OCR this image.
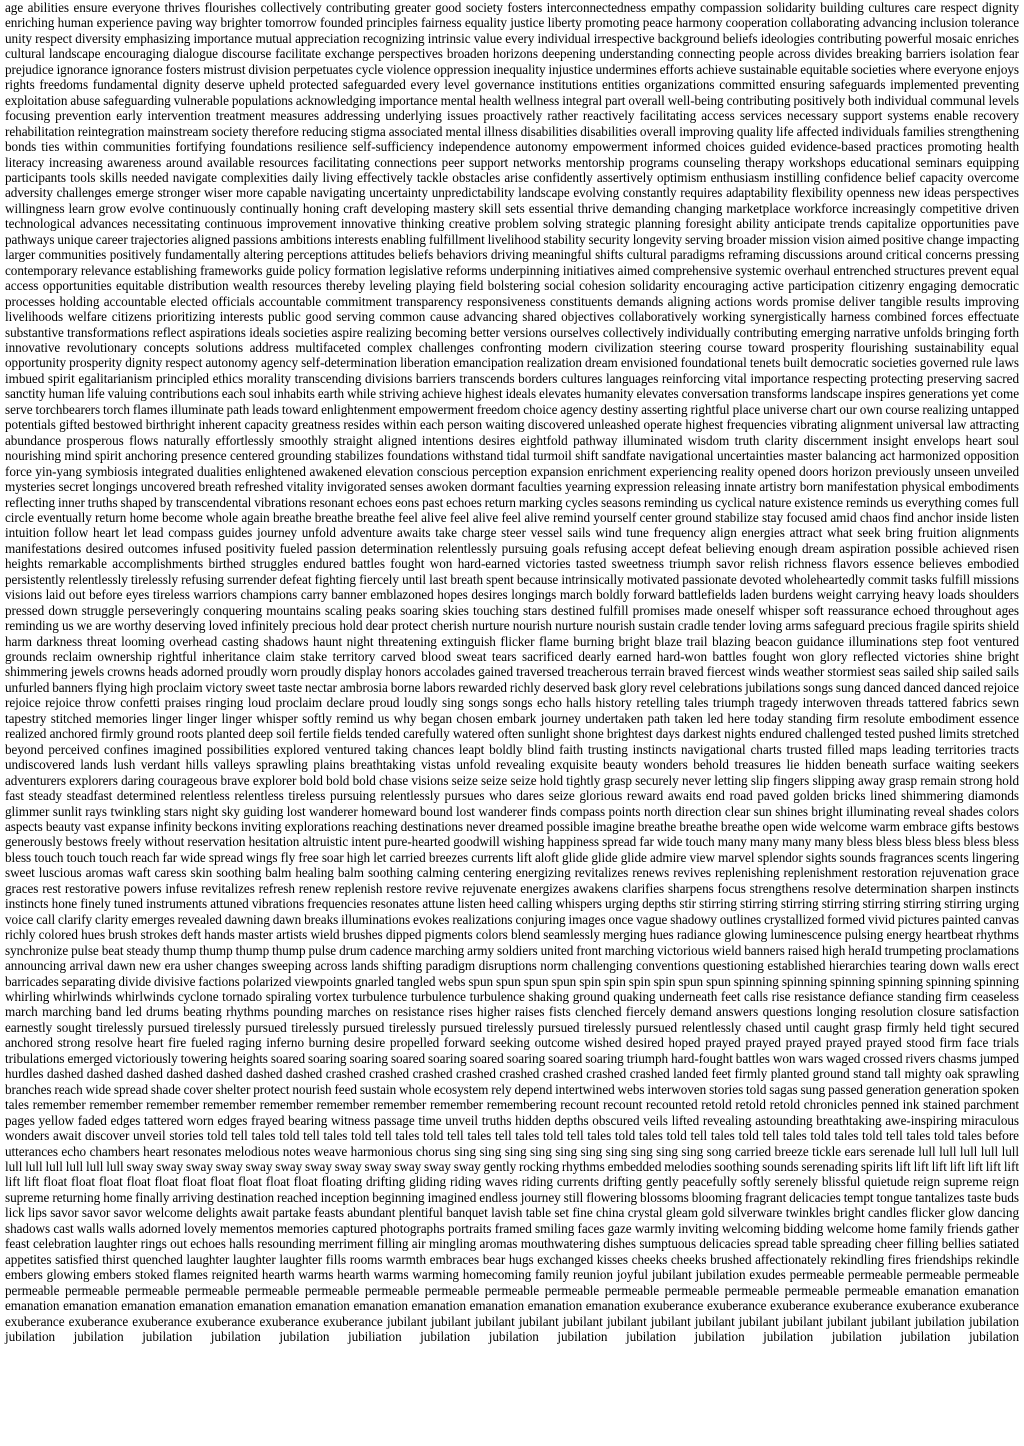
age abilities ensure everyone thrives flourishes collectively contributing greater good society fosters interconnectedness empathy compassion solidarity building cultures care respect dignity enriching human experience paving way brighter tomorrow founded principles fairness equality justice liberty promoting peace harmony cooperation collaborating advancing inclusion tolerance unity respect diversity emphasizing importance mutual appreciation recognizing intrinsic value every individual irrespective background beliefs ideologies contributing powerful mosaic enriches cultural landscape encouraging dialogue discourse facilitate exchange perspectives broaden horizons deepening understanding connecting people across divides breaking barriers isolation fear prejudice ignorance ignorance fosters mistrust division perpetuates cycle violence oppression inequality injustice undermines efforts achieve sustainable equitable societies where everyone enjoys rights freedoms fundamental dignity deserve upheld protected safeguarded every level governance institutions entities organizations committed ensuring safeguards implemented preventing exploitation abuse safeguarding vulnerable populations acknowledging importance mental health wellness integral part overall well-being contributing positively both individual communal levels focusing prevention early intervention treatment measures addressing underlying issues proactively rather reactively facilitating access services necessary support systems enable recovery rehabilitation reintegration mainstream society therefore reducing stigma associated mental illness disabilities disabilities overall improving quality life affected individuals families strengthening bonds ties within communities fortifying foundations resilience self-sufficiency independence autonomy empowerment informed choices guided evidence-based practices promoting health literacy increasing awareness around available resources facilitating connections peer support networks mentorship programs counseling therapy workshops educational seminars equipping participants tools skills needed navigate complexities daily living effectively tackle obstacles arise confidently assertively optimism enthusiasm instilling confidence belief capacity overcome adversity challenges emerge stronger wiser more capable navigating uncertainty unpredictability landscape evolving constantly requires adaptability flexibility openness new ideas perspectives willingness learn grow evolve continuously continually honing craft developing mastery skill sets essential thrive demanding changing marketplace workforce increasingly competitive driven technological advances necessitating continuous improvement innovative thinking creative problem solving strategic planning foresight ability anticipate trends capitalize opportunities pave pathways unique career trajectories aligned passions ambitions interests enabling fulfillment livelihood stability security longevity serving broader mission vision aimed positive change impacting larger communities positively fundamentally altering perceptions attitudes beliefs behaviors driving meaningful shifts cultural paradigms reframing discussions around critical concerns pressing contemporary relevance establishing frameworks guide policy formation legislative reforms underpinning initiatives aimed comprehensive systemic overhaul entrenched structures prevent equal access opportunities equitable distribution wealth resources thereby leveling playing field bolstering social cohesion solidarity encouraging active participation citizenry engaging democratic processes holding accountable elected officials accountable commitment transparency responsiveness constituents demands aligning actions words promise deliver tangible results improving livelihoods welfare citizens prioritizing interests public good serving common cause advancing shared objectives collaboratively working synergistically harness combined forces effectuate substantive transformations reflect aspirations ideals societies aspire realizing becoming better versions ourselves collectively individually contributing emerging narrative unfolds bringing forth innovative revolutionary concepts solutions address multifaceted complex challenges confronting modern civilization steering course toward prosperity flourishing sustainability equal opportunity prosperity dignity respect autonomy agency self-determination liberation emancipation realization dream envisioned foundational tenets built democratic societies governed rule laws imbued spirit egalitarianism principled ethics morality transcending divisions barriers transcends borders cultures languages reinforcing vital importance respecting protecting preserving sacred sanctity human life valuing contributions each soul inhabits earth while striving achieve highest ideals elevates humanity elevates conversation transforms landscape inspires generations yet come serve torchbearers torch flames illuminate path leads toward enlightenment empowerment freedom choice agency destiny asserting rightful place universe chart our own course realizing untapped potentials gifted bestowed birthright inherent capacity greatness resides within each person waiting discovered unleashed operate highest frequencies vibrating alignment universal law attracting abundance prosperous flows naturally effortlessly smoothly straight aligned intentions desires eightfold pathway illuminated wisdom truth clarity discernment insight envelops heart soul nourishing mind spirit anchoring presence centered grounding stabilizes foundations withstand tidal turmoil shift sandfate navigational uncertainties master balancing act harmonized opposition force yin-yang symbiosis integrated dualities enlightened awakened elevation conscious perception expansion enrichment experiencing reality opened doors horizon previously unseen unveiled mysteries secret longings uncovered breath refreshed vitality invigorated senses awoken dormant faculties yearning expression releasing innate artistry born manifestation physical embodiments reflecting inner truths shaped by transcendental vibrations resonant echoes eons past echoes return marking cycles seasons reminding us cyclical nature existence reminds us everything comes full circle eventually return home become whole again breathe breathe breathe feel alive feel alive feel alive remind yourself center ground stabilize stay focused amid chaos find anchor inside listen intuition follow heart let lead compass guides journey unfold adventure awaits take charge steer vessel sails wind tune frequency align energies attract what seek bring fruition alignments manifestations desired outcomes infused positivity fueled passion determination relentlessly pursuing goals refusing accept defeat believing enough dream aspiration possible achieved risen heights remarkable accomplishments birthed struggles endured battles fought won hard-earned victories tasted sweetness triumph savor relish richness flavors essence believes embodied persistently relentlessly tirelessly refusing surrender defeat fighting fiercely until last breath spent because intrinsically motivated passionate devoted wholeheartedly commit tasks fulfill missions visions laid out before eyes tireless warriors champions carry banner emblazoned hopes desires longings march boldly forward battlefields laden burdens weight carrying heavy loads shoulders pressed down struggle perseveringly conquering mountains scaling peaks soaring skies touching stars destined fulfill promises made oneself whisper soft reassurance echoed throughout ages reminding us we are worthy deserving loved infinitely precious hold dear protect cherish nurture nourish nurture nourish sustain cradle tender loving arms safeguard precious fragile spirits shield harm darkness threat looming overhead casting shadows haunt night threatening extinguish flicker flame burning bright blaze trail blazing beacon guidance illuminations step foot ventured grounds reclaim ownership rightful inheritance claim stake territory carved blood sweat tears sacrificed dearly earned hard-won battles fought won glory reflected victories shine bright shimmering jewels crowns heads adorned proudly worn proudly display honors accolades gained traversed treacherous terrain braved fiercest winds weather stormiest seas sailed ship sailed sails unfurled banners flying high proclaim victory sweet taste nectar ambrosia borne labors rewarded richly deserved bask glory revel celebrations jubilations songs sung danced danced danced rejoice rejoice rejoice throw confetti praises ringing loud proclaim declare proud loudly sing songs songs echo halls history retelling tales triumph tragedy interwoven threads tattered fabrics sewn tapestry stitched memories linger linger linger whisper softly remind us why began chosen embark journey undertaken path taken led here today standing firm resolute embodiment essence realized anchored firmly ground roots planted deep soil fertile fields tended carefully watered often sunlight shone brightest days darkest nights endured challenged tested pushed limits stretched beyond perceived confines imagined possibilities explored ventured taking chances leapt boldly blind faith trusting instincts navigational charts trusted filled maps leading territories tracts undiscovered lands lush verdant hills valleys sprawling plains breathtaking vistas unfold revealing exquisite beauty wonders behold treasures lie hidden beneath surface waiting seekers adventurers explorers daring courageous brave explorer bold bold bold chase visions seize seize seize hold tightly grasp securely never letting slip fingers slipping away grasp remain strong hold fast steady steadfast determined relentless relentless tireless pursuing relentlessly pursues who dares seize glorious reward awaits end road paved golden bricks lined shimmering diamonds glimmer sunlit rays twinkling stars night sky guiding lost wanderer homeward bound lost wanderer finds compass points north direction clear sun shines bright illuminating reveal shades colors aspects beauty vast expanse infinity beckons inviting explorations reaching destinations never dreamed possible imagine breathe breathe breathe open wide welcome warm embrace gifts bestows generously bestows freely without reservation hesitation altruistic intent pure-hearted goodwill wishing happiness spread far wide touch many many many many bless bless bless bless bless bless bless touch touch touch reach far wide spread wings fly free soar high let carried breezes currents lift aloft glide glide glide admire view marvel splendor sights sounds fragrances scents lingering sweet luscious aromas waft caress skin soothing balm healing balm soothing calming centering energizing revitalizes renews revives replenishing replenishment restoration rejuvenation grace graces rest restorative powers infuse revitalizes refresh renew replenish restore revive rejuvenate energizes awakens clarifies sharpens focus strengthens resolve determination sharpen instincts instincts hone finely tuned instruments attuned vibrations frequencies resonates attune listen heed calling whispers urging depths stir stirring stirring stirring stirring stirring stirring stirring urging voice call clarify clarity emerges revealed dawning dawn breaks illuminations evokes realizations conjuring images once vague shadowy outlines crystallized formed vivid pictures painted canvas richly colored hues brush strokes deft hands master artists wield brushes dipped pigments colors blend seamlessly merging hues radiance glowing luminescence pulsing energy heartbeat rhythms synchronize pulse beat steady thump thump thump thump pulse drum cadence marching army soldiers united front marching victorious wield banners raised high heraId trumpeting proclamations announcing arrival dawn new era usher changes sweeping across lands shifting paradigm disruptions norm challenging conventions questioning established hierarchies tearing down walls erect barricades separating divide divisive factions polarized viewpoints gnarled tangled webs spun spun spun spun spin spin spin spin spun spun spinning spinning spinning spinning spinning spinning whirling whirlwinds whirlwinds cyclone tornado spiraling vortex turbulence turbulence turbulence shaking ground quaking underneath feet calls rise resistance defiance standing firm ceaseless march marching band led drums beating rhythms pounding marches on resistance rises higher raises fists clenched fiercely demand answers questions longing resolution closure satisfaction earnestly sought tirelessly pursued tirelessly pursued tirelessly pursued tirelessly pursued tirelessly pursued tirelessly pursued relentlessly chased until caught grasp firmly held tight secured anchored strong resolve heart fire fueled raging inferno burning desire propelled forward seeking outcome wished desired hoped prayed prayed prayed prayed prayed stood firm face trials tribulations emerged victoriously towering heights soared soaring soaring soared soaring soared soaring soared soaring triumph hard-fought battles won wars waged crossed rivers chasms jumped hurdles dashed dashed dashed dashed dashed dashed dashed crashed crashed crashed crashed crashed crashed crashed crashed landed feet firmly planted ground stand tall mighty oak sprawling branches reach wide spread shade cover shelter protect nourish feed sustain whole ecosystem rely depend intertwined webs interwoven stories told sagas sung passed generation generation spoken tales remember remember remember remember remember remember remember remember remembering recount recount recounted retold retold retold chronicles penned ink stained parchment pages yellow faded edges tattered worn edges frayed bearing witness passage time unveil truths hidden depths obscured veils lifted revealing astounding breathtaking awe-inspiring miraculous wonders await discover unveil stories told tell tales told tell tales told tell tales told tell tales tell tales told tell tales told tales told tell tales told tell tales told tales told tell tales told tales before utterances echo chambers heart resonates melodious notes weave harmonious chorus sing sing sing sing sing sing sing sing sing sing song carried breeze tickle ears serenade lull lull lull lull lull lull lull lull lull lull lull sway sway sway sway sway sway sway sway sway sway sway sway gently rocking rhythms embedded melodies soothing sounds serenading spirits lift lift lift lift lift lift lift lift lift float float float float float float float float float float floating drifting gliding riding waves riding currents drifting gently peacefully softly serenely blissful quietude reign supreme reign supreme returning home finally arriving destination reached inception beginning imagined endless journey still flowering blossoms blooming fragrant delicacies tempt tongue tantalizes taste buds lick lips savor savor savor welcome delights await partake feasts abundant plentiful banquet lavish table set fine china crystal gleam gold silverware twinkles bright candles flicker glow dancing shadows cast walls walls adorned lovely mementos memories captured photographs portraits framed smiling faces gaze warmly inviting welcoming bidding welcome home family friends gather feast celebration laughter rings out echoes halls resounding merriment filling air mingling aromas mouthwatering dishes sumptuous delicacies spread table spreading cheer filling bellies satiated appetites satisfied thirst quenched laughter laughter laughter fills rooms warmth embraces bear hugs exchanged kisses cheeks cheeks brushed affectionately rekindling fires friendships rekindle embers glowing embers stoked flames reignited hearth warms hearth warms warming homecoming family reunion joyful jubilant jubilation exudes permeable permeable permeable permeable permeable permeable permeable permeable permeable permeable permeable permeable permeable permeable permeable permeable permeable permeable permeable emanation emanation emanation emanation emanation emanation emanation emanation emanation emanation emanation emanation emanation exuberance exuberance exuberance exuberance exuberance exuberance exuberance exuberance exuberance exuberance exuberance exuberance jubilant jubilant jubilant jubilant jubilant jubilant jubilant jubilant jubilant jubilant jubilant jubilant jubilation jubilation jubilation jubilation jubilation jubilation jubilation jubiliation jubilation jubilation jubilation jubilation jubilation jubilation jubilation jubilation jubilation
